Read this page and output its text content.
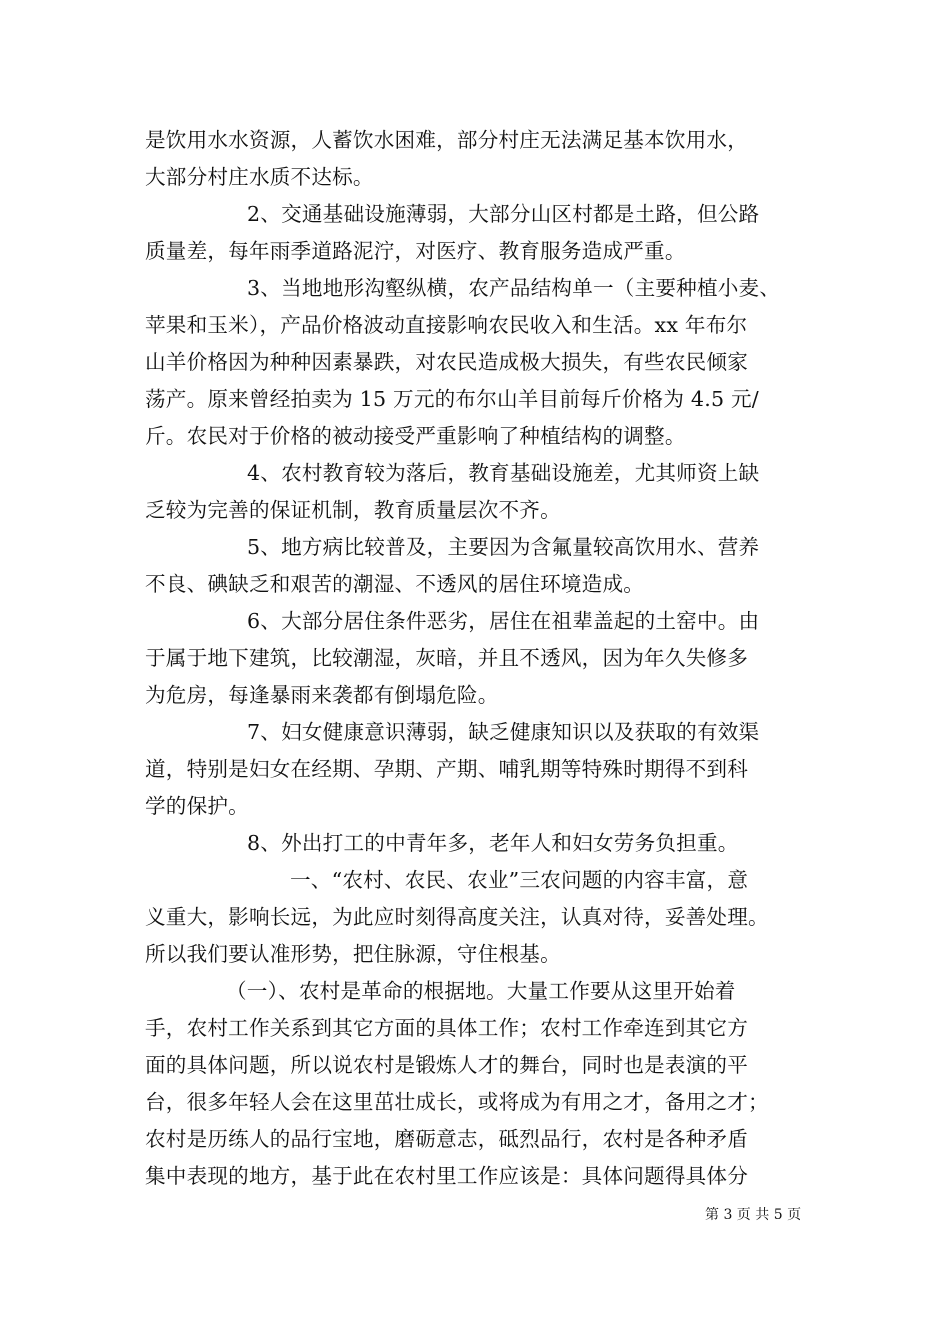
是饮用水水资源，人蓄饮水困难，部分村庄无法满足基本饮用水，
大部分村庄水质不达标。
2、交通基础设施薄弱，大部分山区村都是土路，但公路
质量差，每年雨季道路泥泞，对医疗、教育服务造成严重。
3、当地地形沟壑纵横，农产品结构单一（主要种植小麦、
苹果和玉米），产品价格波动直接影响农民收入和生活。xx 年布尔
山羊价格因为种种因素暴跌，对农民造成极大损失，有些农民倾家
荡产。原来曾经拍卖为 15 万元的布尔山羊目前每斤价格为 4.5 元/
斤。农民对于价格的被动接受严重影响了种植结构的调整。
4、农村教育较为落后，教育基础设施差，尤其师资上缺
乏较为完善的保证机制，教育质量层次不齐。
5、地方病比较普及，主要因为含氟量较高饮用水、营养
不良、碘缺乏和艰苦的潮湿、不透风的居住环境造成。
6、大部分居住条件恶劣，居住在祖辈盖起的土窑中。由
于属于地下建筑，比较潮湿，灰暗，并且不透风，因为年久失修多
为危房，每逢暴雨来袭都有倒塌危险。
7、妇女健康意识薄弱，缺乏健康知识以及获取的有效渠
道，特别是妇女在经期、孕期、产期、哺乳期等特殊时期得不到科
学的保护。
8、外出打工的中青年多，老年人和妇女劳务负担重。
一、“农村、农民、农业”三农问题的内容丰富，意
义重大，影响长远，为此应时刻得高度关注，认真对待，妥善处理。
所以我们要认准形势，把住脉源，守住根基。
（一）、农村是革命的根据地。大量工作要从这里开始着
手，农村工作关系到其它方面的具体工作；农村工作牵连到其它方
面的具体问题，所以说农村是锻炼人才的舞台，同时也是表演的平
台，很多年轻人会在这里茁壮成长，或将成为有用之才，备用之才；
农村是历练人的品行宝地，磨砺意志，砥烈品行，农村是各种矛盾
集中表现的地方，基于此在农村里工作应该是：具体问题得具体分
第 3 页 共 5 页
